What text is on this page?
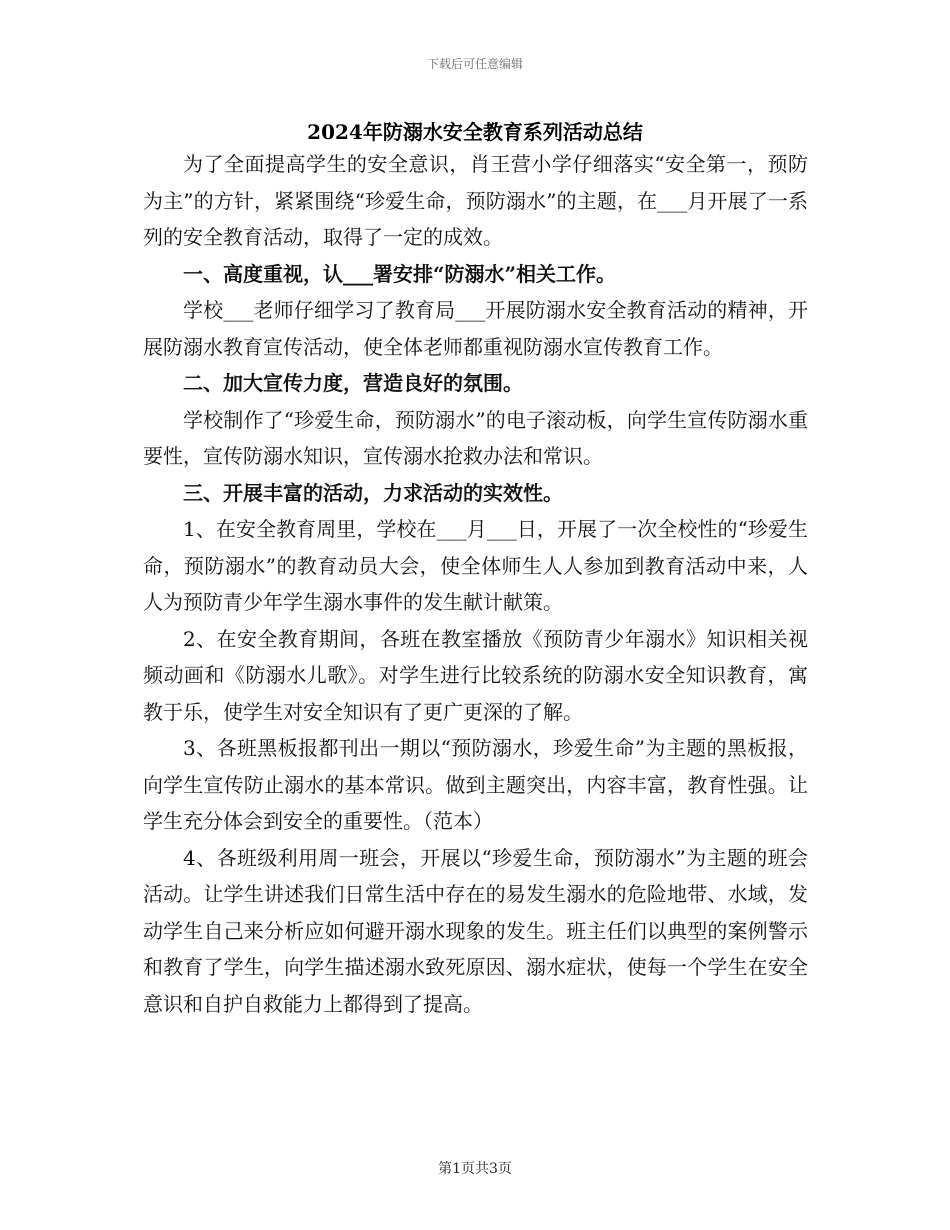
下载后可任意编辑
2024年防溺水安全教育系列活动总结

为了全面提高学生的安全意识，肖王营小学仔细落实“安全第一，预防为主”的方针，紧紧围绕“珍爱生命，预防溺水”的主题，在___月开展了一系列的安全教育活动，取得了一定的成效。

一、高度重视，认___署安排“防溺水”相关工作。

学校___老师仔细学习了教育局___开展防溺水安全教育活动的精神，开展防溺水教育宣传活动，使全体老师都重视防溺水宣传教育工作。

二、加大宣传力度，营造良好的氛围。

学校制作了“珍爱生命，预防溺水”的电子滚动板，向学生宣传防溺水重要性，宣传防溺水知识，宣传溺水抢救办法和常识。

三、开展丰富的活动，力求活动的实效性。

1、在安全教育周里，学校在___月___日，开展了一次全校性的“珍爱生命，预防溺水”的教育动员大会，使全体师生人人参加到教育活动中来，人人为预防青少年学生溺水事件的发生献计献策。

2、在安全教育期间，各班在教室播放《预防青少年溺水》知识相关视频动画和《防溺水儿歌》。对学生进行比较系统的防溺水安全知识教育，寓教于乐，使学生对安全知识有了更广更深的了解。

3、各班黑板报都刊出一期以“预防溺水，珍爱生命”为主题的黑板报，向学生宣传防止溺水的基本常识。做到主题突出，内容丰富，教育性强。让学生充分体会到安全的重要性。（范本）

4、各班级利用周一班会，开展以“珍爱生命，预防溺水”为主题的班会活动。让学生讲述我们日常生活中存在的易发生溺水的危险地带、水域，发动学生自己来分析应如何避开溺水现象的发生。班主任们以典型的案例警示和教育了学生，向学生描述溺水致死原因、溺水症状，使每一个学生在安全意识和自护自救能力上都得到了提高。

第1页共3页
